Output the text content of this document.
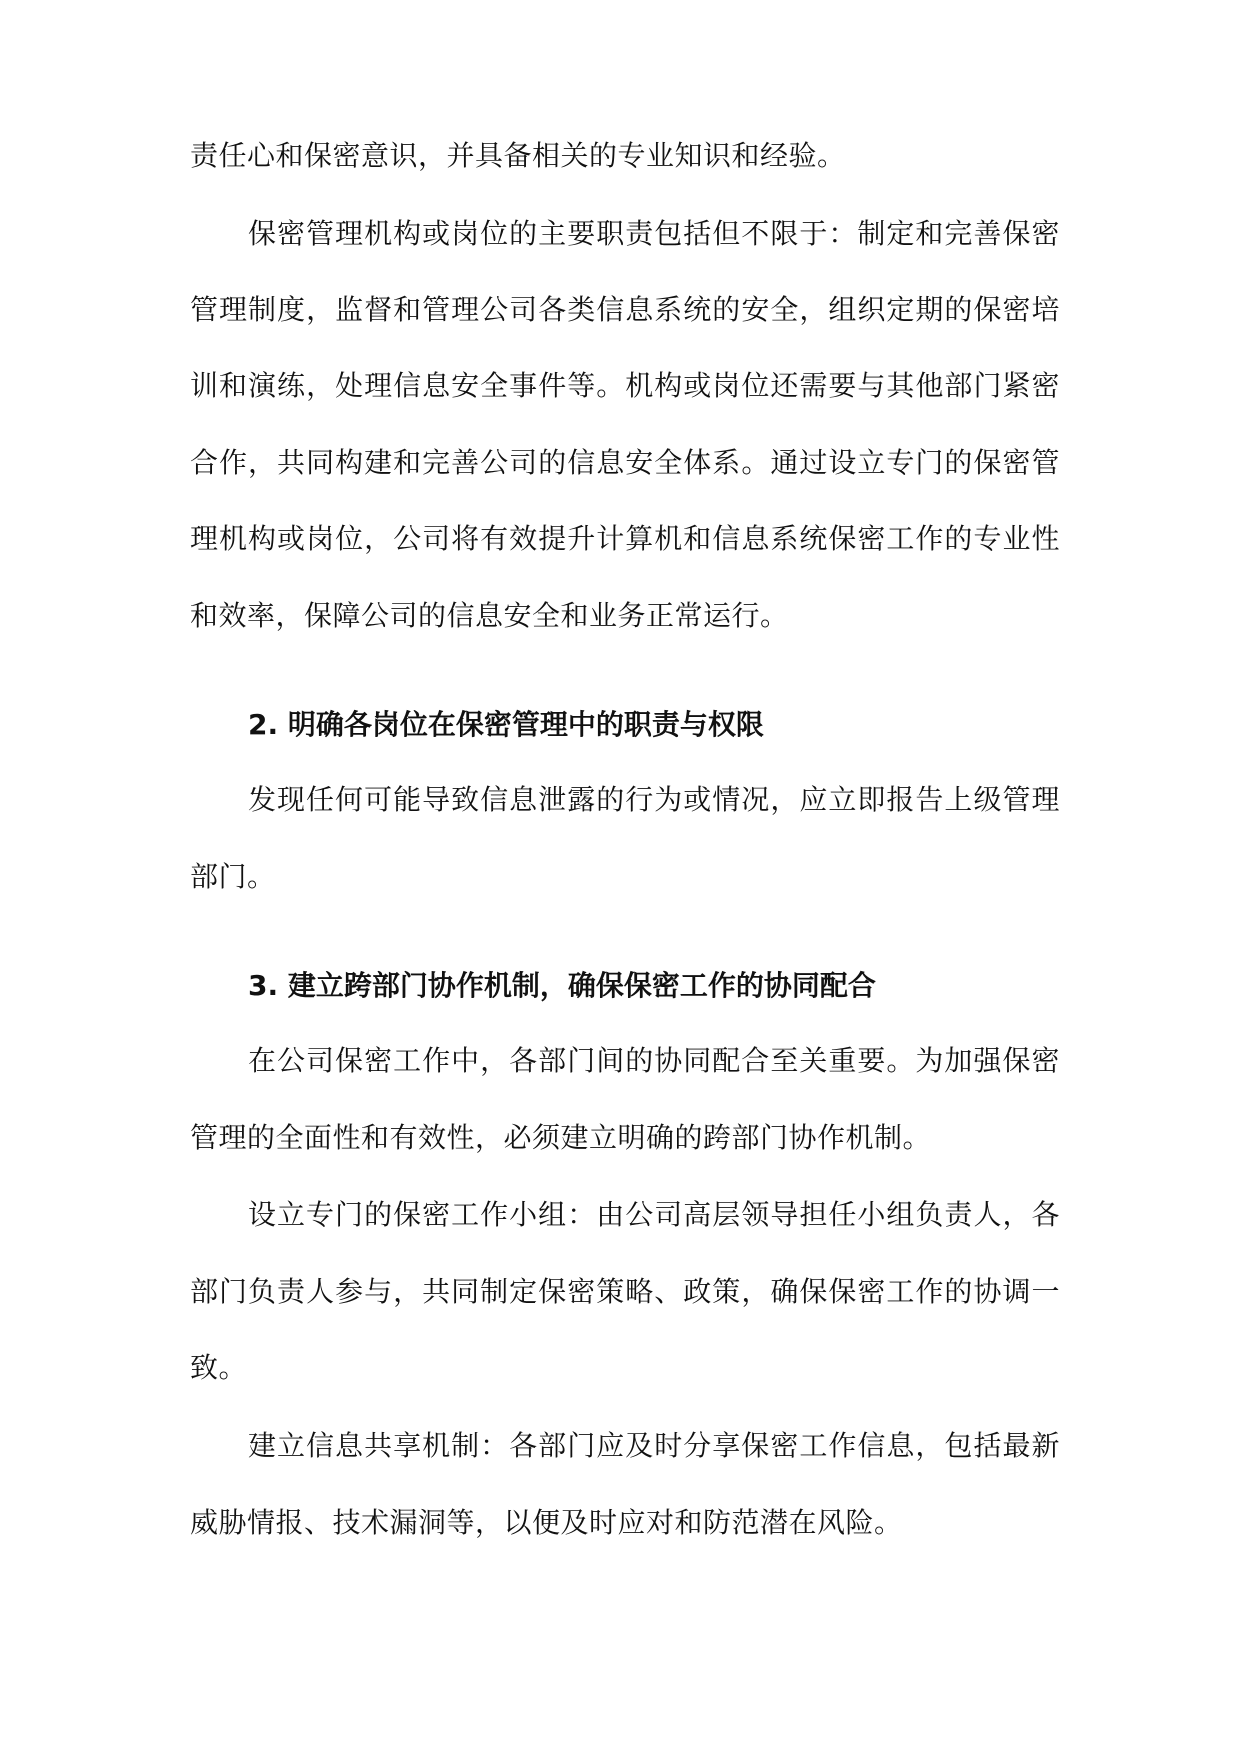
责任心和保密意识，并具备相关的专业知识和经验。
保密管理机构或岗位的主要职责包括但不限于：制定和完善保密
管理制度，监督和管理公司各类信息系统的安全，组织定期的保密培
训和演练，处理信息安全事件等。机构或岗位还需要与其他部门紧密
合作，共同构建和完善公司的信息安全体系。通过设立专门的保密管
理机构或岗位，公司将有效提升计算机和信息系统保密工作的专业性
和效率，保障公司的信息安全和业务正常运行。
2. 明确各岗位在保密管理中的职责与权限
发现任何可能导致信息泄露的行为或情况，应立即报告上级管理
部门。
3. 建立跨部门协作机制，确保保密工作的协同配合
在公司保密工作中，各部门间的协同配合至关重要。为加强保密
管理的全面性和有效性，必须建立明确的跨部门协作机制。
设立专门的保密工作小组：由公司高层领导担任小组负责人，各
部门负责人参与，共同制定保密策略、政策，确保保密工作的协调一
致。
建立信息共享机制：各部门应及时分享保密工作信息，包括最新
威胁情报、技术漏洞等，以便及时应对和防范潜在风险。
